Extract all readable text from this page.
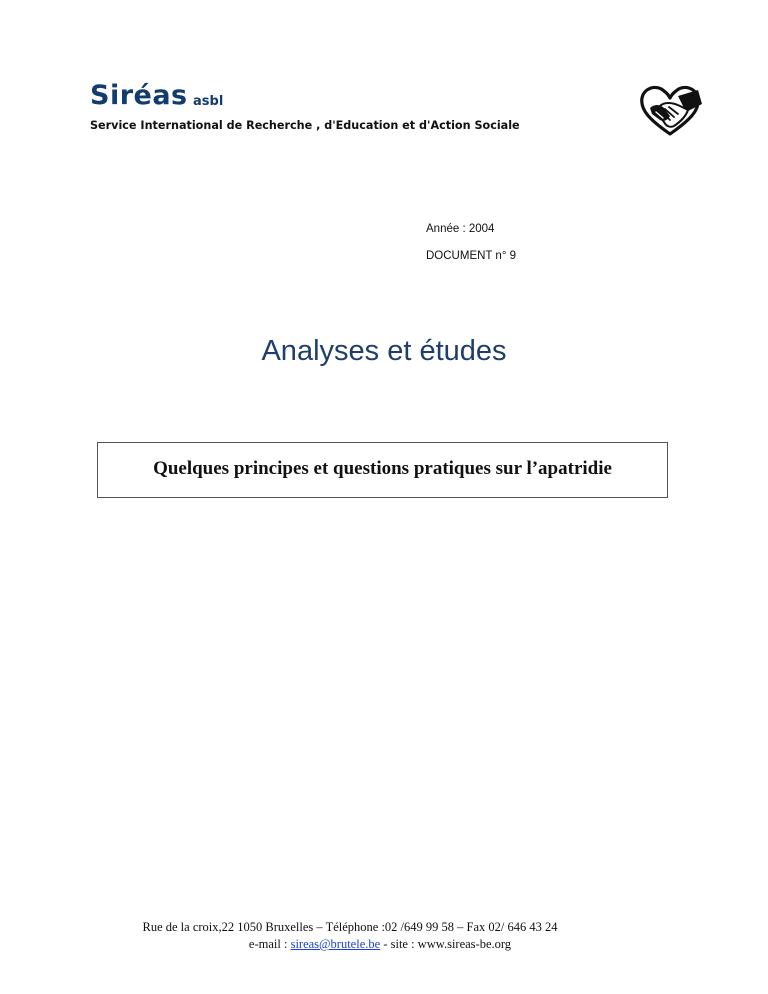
Siréas asbl
Service International de Recherche , d'Education et d'Action Sociale
Année : 2004
DOCUMENT n° 9
Analyses et études
Quelques principes et questions pratiques sur l’apatridie
Rue de la croix,22 1050 Bruxelles – Téléphone :02 /649 99 58 – Fax 02/ 646 43 24
e-mail : sireas@brutele.be - site : www.sireas-be.org
